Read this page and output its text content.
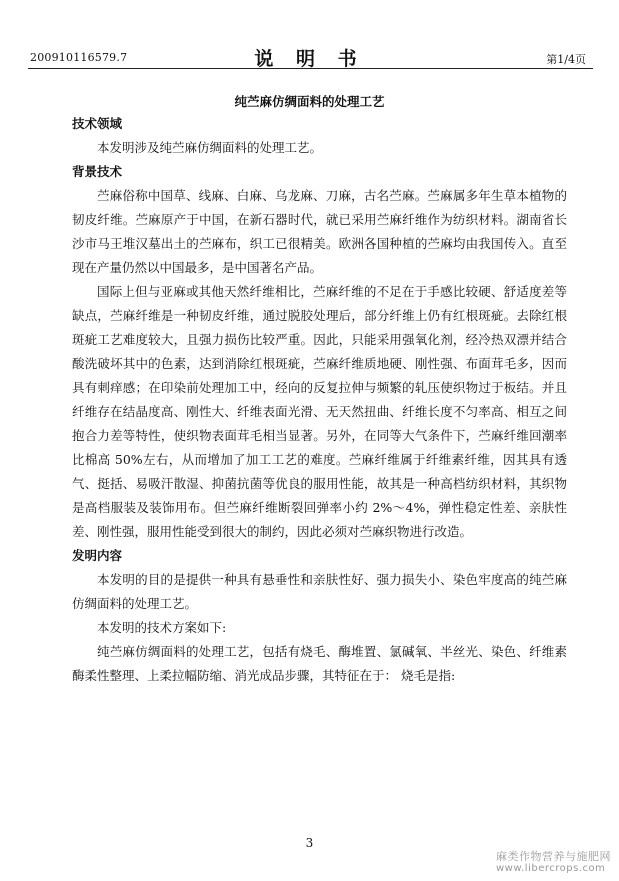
200910116579.7	说 明 书	第1/4页
纯苎麻仿绸面料的处理工艺

技术领域

本发明涉及纯苎麻仿绸面料的处理工艺。

背景技术

苎麻俗称中国草、线麻、白麻、乌龙麻、刀麻，古名苎麻。苎麻属多年生草本植物的韧皮纤维。苎麻原产于中国，在新石器时代，就已采用苎麻纤维作为纺织材料。湖南省长沙市马王堆汉墓出土的苎麻布，织工已很精美。欧洲各国种植的苎麻均由我国传入。直至现在产量仍然以中国最多，是中国著名产品。

国际上但与亚麻或其他天然纤维相比，苎麻纤维的不足在于手感比较硬、舒适度差等缺点，苎麻纤维是一种韧皮纤维，通过脱胶处理后，部分纤维上仍有红根斑疵。去除红根斑疵工艺难度较大，且强力损伤比较严重。因此，只能采用强氧化剂，经冷热双漂并结合酸洗破坏其中的色素，达到消除红根斑疵，苎麻纤维质地硬、刚性强、布面茸毛多，因而具有刺痒感；在印染前处理加工中，经向的反复拉伸与频繁的轧压使织物过于板结。并且纤维存在结晶度高、刚性大、纤维表面光滑、无天然扭曲、纤维长度不匀率高、相互之间抱合力差等特性，使织物表面茸毛相当显著。另外，在同等大气条件下，苎麻纤维回潮率比棉高 50%左右，从而增加了加工工艺的难度。苎麻纤维属于纤维素纤维，因其具有透气、挺括、易吸汗散湿、抑菌抗菌等优良的服用性能，故其是一种高档纺织材料，其织物是高档服装及装饰用布。但苎麻纤维断裂回弹率小约 2%～4%，弹性稳定性差、亲肤性差、刚性强，服用性能受到很大的制约，因此必须对苎麻织物进行改造。

发明内容

本发明的目的是提供一种具有悬垂性和亲肤性好、强力损失小、染色牢度高的纯苎麻仿绸面料的处理工艺。

本发明的技术方案如下:

纯苎麻仿绸面料的处理工艺，包括有烧毛、酶堆置、氯碱氧、半丝光、染色、纤维素酶柔性整理、上柔拉幅防缩、消光成品步骤，其特征在于： 烧毛是指:

3
麻类作物营养与施肥网
www.libercrops.com
